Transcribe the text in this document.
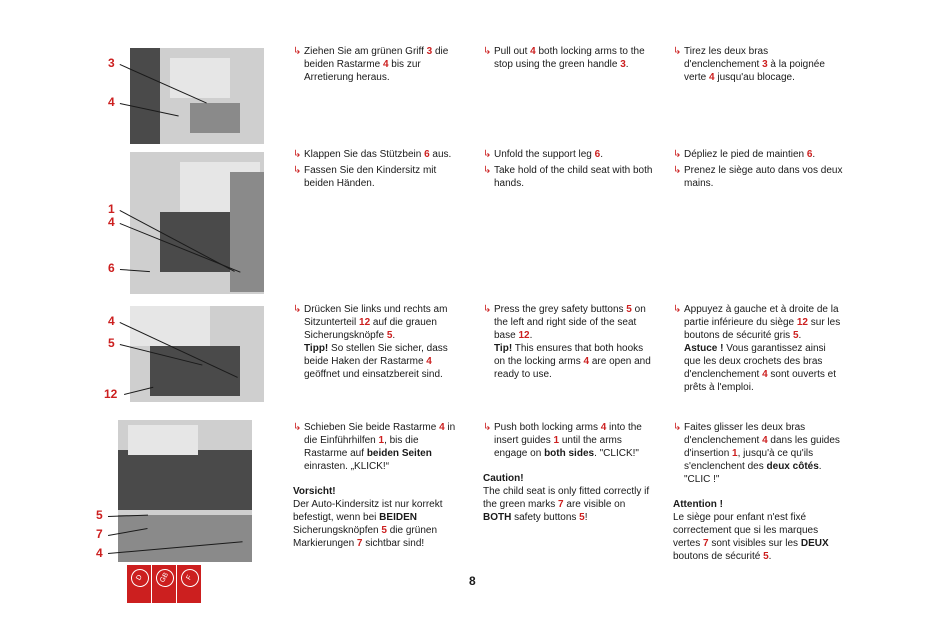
3
4
1
4
6
4
5
12
5
7
4
↳ Ziehen Sie am grünen Griff 3 die beiden Rastarme 4 bis zur Arretierung heraus.
↳ Pull out 4 both locking arms to the stop using the green handle 3.
↳ Tirez les deux bras d'enclenchement 3 à la poignée verte 4 jusqu'au blocage.
↳ Klappen Sie das Stützbein 6 aus.
↳ Fassen Sie den Kindersitz mit beiden Händen.
↳ Unfold the support leg 6.
↳ Take hold of the child seat with both hands.
↳ Dépliez le pied de maintien 6.
↳ Prenez le siège auto dans vos deux mains.
↳ Drücken Sie links und rechts am Sitzunterteil 12 auf die grauen Sicherungsknöpfe 5.
Tipp! So stellen Sie sicher, dass beide Haken der Rastarme 4 geöffnet und einsatzbereit sind.
↳ Press the grey safety buttons 5 on the left and right side of the seat base 12.
Tip! This ensures that both hooks on the locking arms 4 are open and ready to use.
↳ Appuyez à gauche et à droite de la partie inférieure du siège 12 sur les boutons de sécurité gris 5.
Astuce ! Vous garantissez ainsi que les deux crochets des bras d'enclenchement 4 sont ouverts et prêts à l'emploi.
↳ Schieben Sie beide Rastarme 4 in die Einführhilfen 1, bis die Rastarme auf beiden Seiten einrasten. „KLICK!“
Vorsicht!
Der Auto-Kindersitz ist nur korrekt befestigt, wenn bei BEIDEN Sicherungsknöpfen 5 die grünen Markierungen 7 sichtbar sind!
↳ Push both locking arms 4 into the insert guides 1 until the arms engage on both sides. "CLICK!"
Caution!
The child seat is only fitted correctly if the green marks 7 are visible on BOTH safety buttons 5!
↳ Faites glisser les deux bras d'enclenchement 4 dans les guides d'insertion 1, jusqu'à ce qu'ils s'enclenchent des deux côtés.
"CLIC !"
Attention !
Le siège pour enfant n'est fixé correctement que si les marques vertes 7 sont visibles sur les DEUX boutons de sécurité 5.
8
D	GB	F
